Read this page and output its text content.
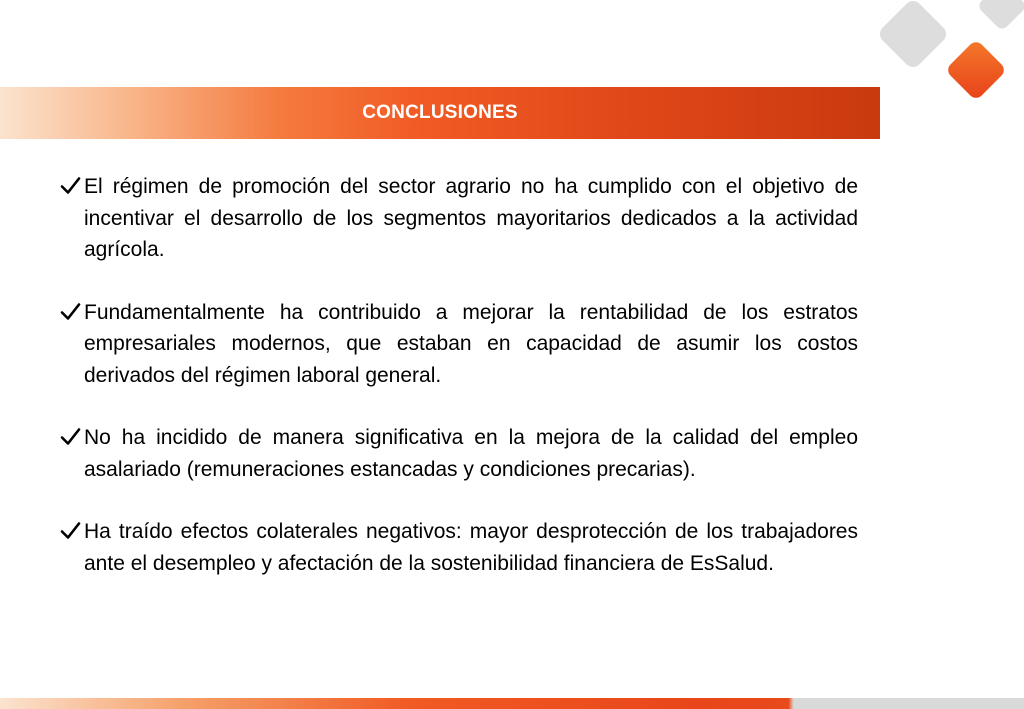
CONCLUSIONES
El régimen de promoción del sector agrario no ha cumplido con el objetivo de incentivar el desarrollo de los segmentos mayoritarios dedicados a la actividad agrícola.
Fundamentalmente ha contribuido a mejorar la rentabilidad de los estratos empresariales modernos, que estaban en capacidad de asumir los costos derivados del régimen laboral general.
No ha incidido de manera significativa en la mejora de la calidad del empleo asalariado (remuneraciones estancadas y condiciones precarias).
Ha traído efectos colaterales negativos: mayor desprotección de los trabajadores ante el desempleo y afectación de la sostenibilidad financiera de EsSalud.
